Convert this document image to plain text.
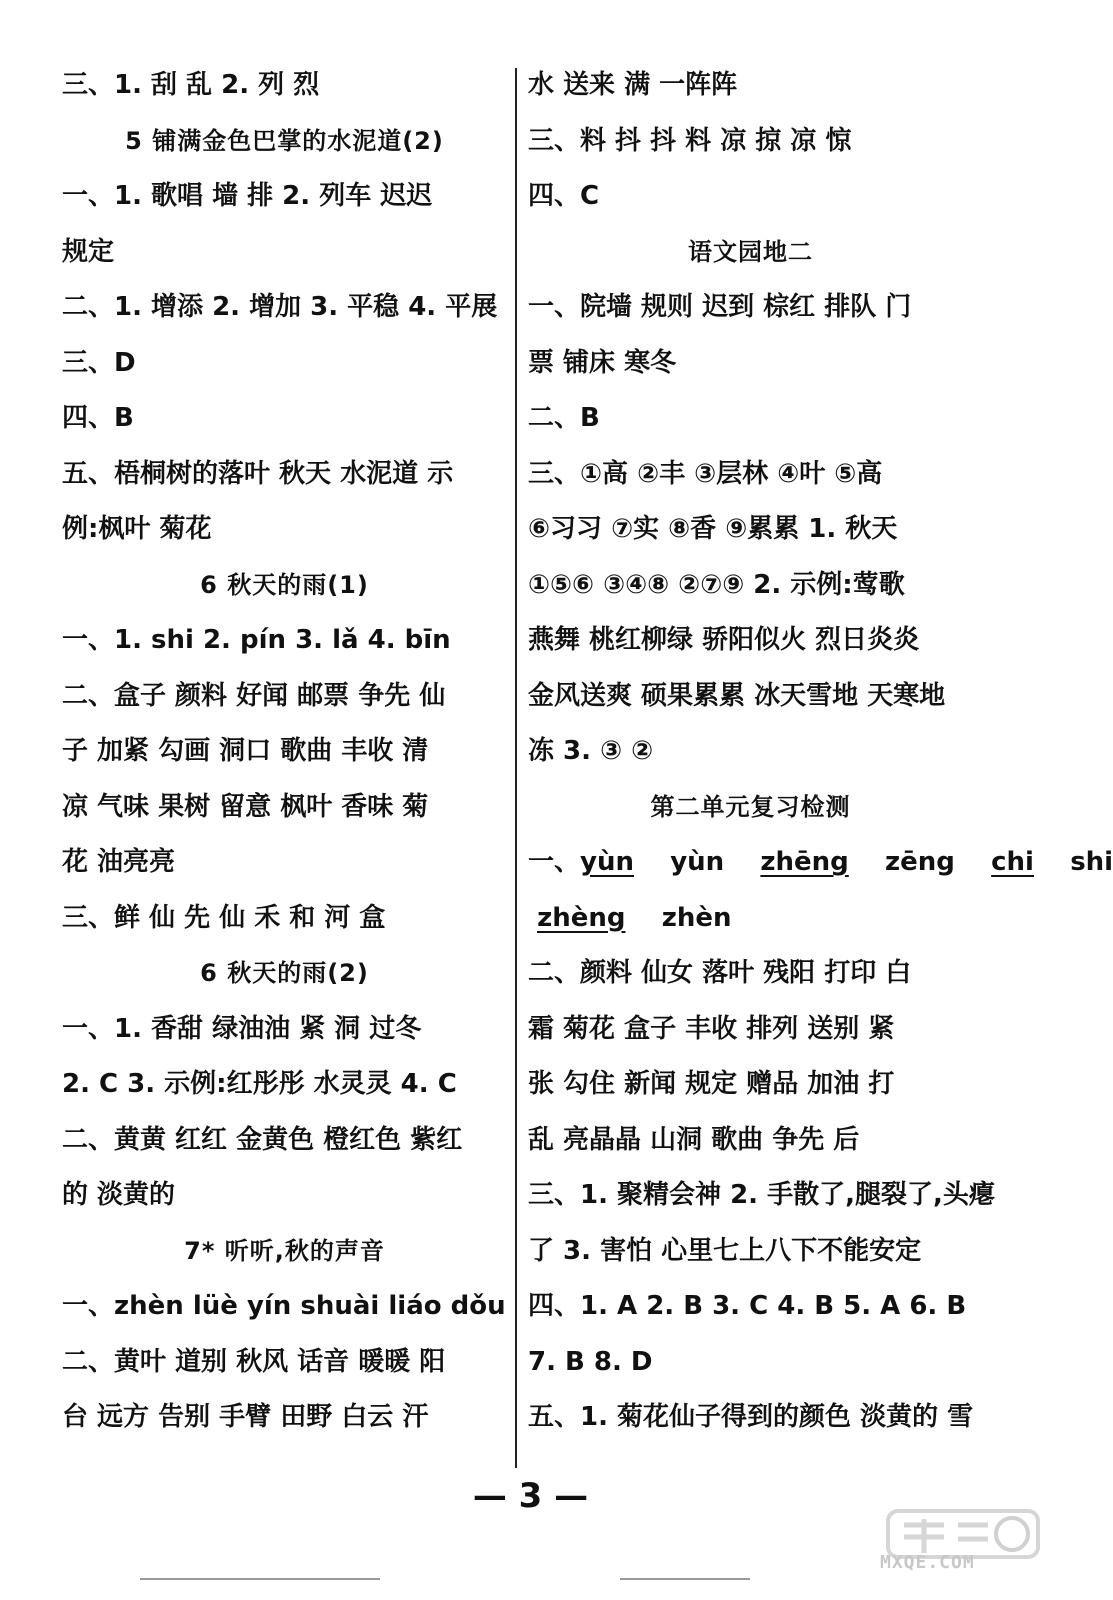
三、1. 刮 乱 2. 列 烈
5 铺满金色巴掌的水泥道(2)
一、1. 歌唱 墙 排 2. 列车 迟迟
规定
二、1. 增添 2. 增加 3. 平稳 4. 平展
三、D
四、B
五、梧桐树的落叶 秋天 水泥道 示
例:枫叶 菊花
6 秋天的雨(1)
一、1. shi 2. pín 3. lǎ 4. bīn
二、盒子 颜料 好闻 邮票 争先 仙
子 加紧 勾画 洞口 歌曲 丰收 清
凉 气味 果树 留意 枫叶 香味 菊
花 油亮亮
三、鲜 仙 先 仙 禾 和 河 盒
6 秋天的雨(2)
一、1. 香甜 绿油油 紧 洞 过冬
2. C 3. 示例:红彤彤 水灵灵 4. C
二、黄黄 红红 金黄色 橙红色 紫红
的 淡黄的
7* 听听,秋的声音
一、zhèn lüè yín shuài liáo dǒu
二、黄叶 道别 秋风 话音 暖暖 阳
台 远方 告别 手臂 田野 白云 汗
水 送来 满 一阵阵
三、料 抖 抖 料 凉 掠 凉 惊
四、C
语文园地二
一、院墙 规则 迟到 棕红 排队 门
票 铺床 寒冬
二、B
三、①高 ②丰 ③层林 ④叶 ⑤高
⑥习习 ⑦实 ⑧香 ⑨累累 1. 秋天
①⑤⑥ ③④⑧ ②⑦⑨ 2. 示例:莺歌
燕舞 桃红柳绿 骄阳似火 烈日炎炎
金风送爽 硕果累累 冰天雪地 天寒地
冻 3. ③ ②
第二单元复习检测
一、yùn yùn zhēng zēng chi shi
zhèng zhèn
二、颜料 仙女 落叶 残阳 打印 白
霜 菊花 盒子 丰收 排列 送别 紧
张 勾住 新闻 规定 赠品 加油 打
乱 亮晶晶 山洞 歌曲 争先 后
三、1. 聚精会神 2. 手散了,腿裂了,头瘪
了 3. 害怕 心里七上八下不能安定
四、1. A 2. B 3. C 4. B 5. A 6. B
7. B 8. D
五、1. 菊花仙子得到的颜色 淡黄的 雪
— 3 —
MXQE.COM
